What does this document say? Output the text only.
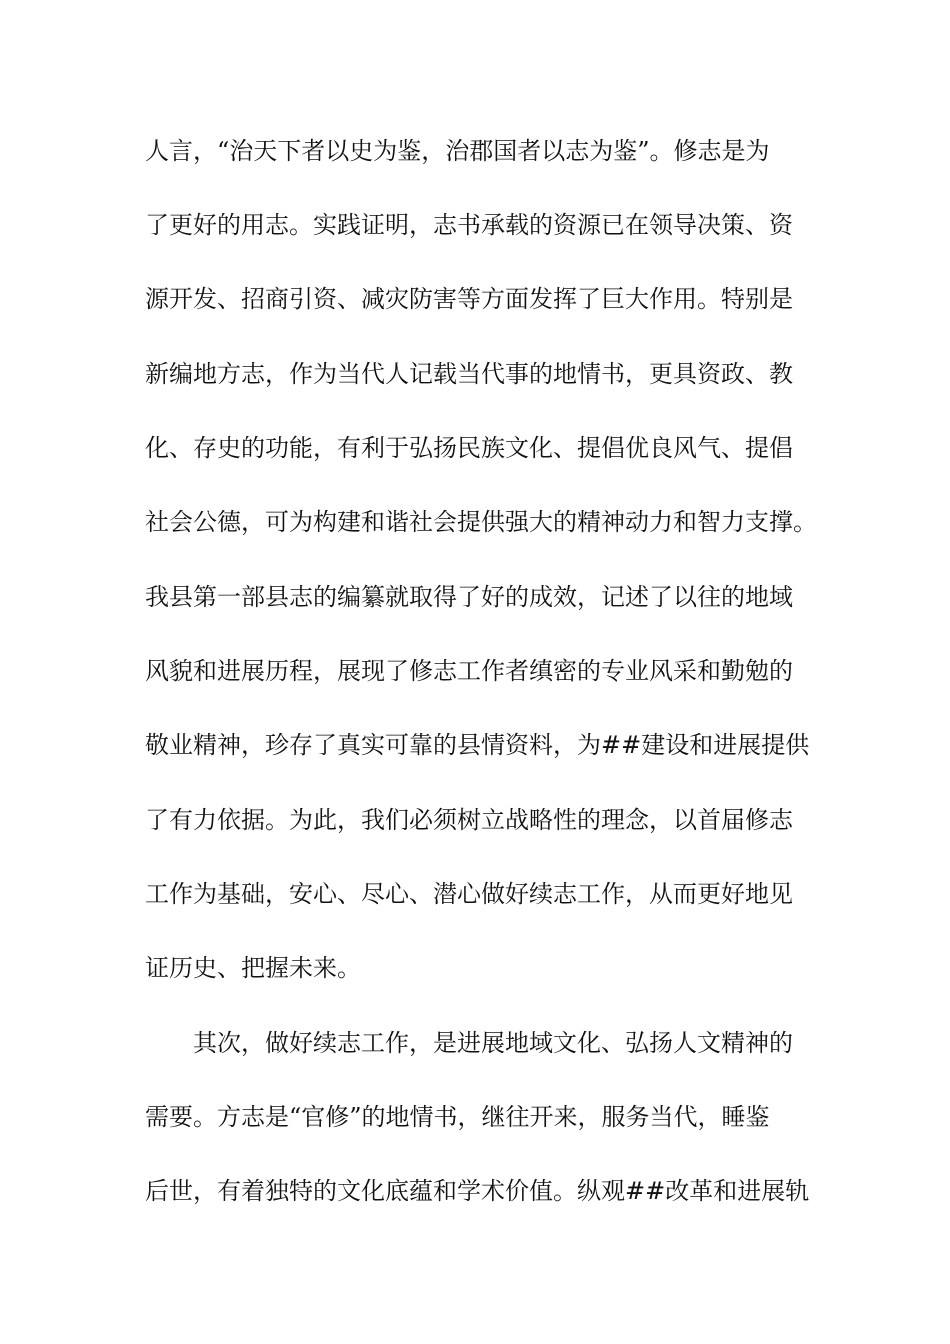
人言，“治天下者以史为鉴，治郡国者以志为鉴”。修志是为

了更好的用志。实践证明，志书承载的资源已在领导决策、资

源开发、招商引资、减灾防害等方面发挥了巨大作用。特别是

新编地方志，作为当代人记载当代事的地情书，更具资政、教

化、存史的功能，有利于弘扬民族文化、提倡优良风气、提倡

社会公德，可为构建和谐社会提供强大的精神动力和智力支撑。

我县第一部县志的编纂就取得了好的成效，记述了以往的地域

风貌和进展历程，展现了修志工作者缜密的专业风采和勤勉的

敬业精神，珍存了真实可靠的县情资料，为##建设和进展提供

了有力依据。为此，我们必须树立战略性的理念，以首届修志

工作为基础，安心、尽心、潜心做好续志工作，从而更好地见

证历史、把握未来。

其次，做好续志工作，是进展地域文化、弘扬人文精神的

需要。方志是“官修”的地情书，继往开来，服务当代，睡鉴

后世，有着独特的文化底蕴和学术价值。纵观##改革和进展轨
